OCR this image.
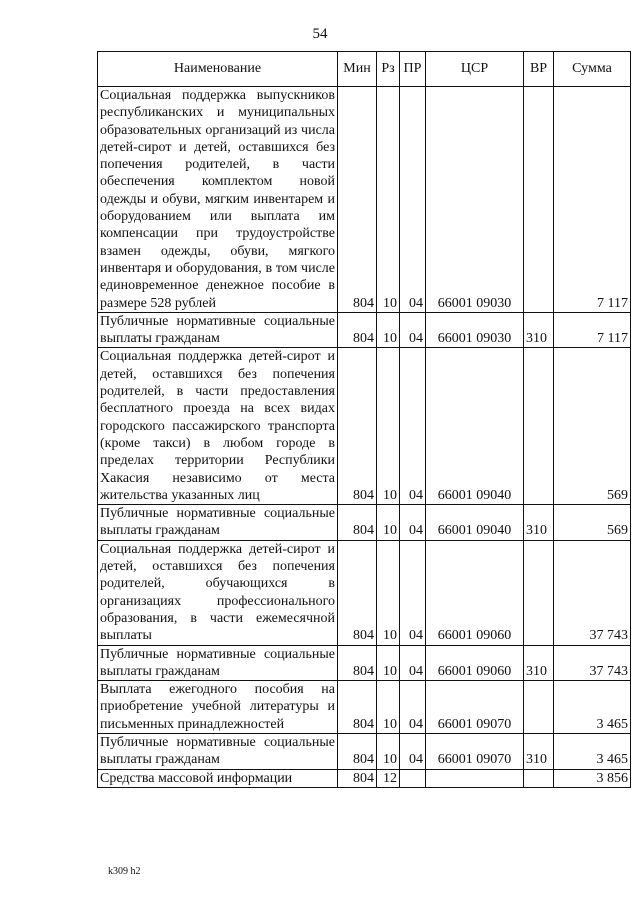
54
Наименование	Мин	Рз	ПР	ЦСР	ВР	Сумма
Социальная поддержка выпускников республиканских и муниципальных образовательных организаций из числа детей-сирот и детей, оставшихся без попечения родителей, в части обеспечения комплектом новой одежды и обуви, мягким инвентарем и оборудованием или выплата им компенсации при трудоустройстве взамен одежды, обуви, мягкого инвентаря и оборудования, в том числе единовременное денежное пособие в размере 528 рублей	804	10	04	66001 09030		7 117
Публичные нормативные социальные выплаты гражданам	804	10	04	66001 09030	310	7 117
Социальная поддержка детей-сирот и детей, оставшихся без попечения родителей, в части предоставления бесплатного проезда на всех видах городского пассажирского транспорта (кроме такси) в любом городе в пределах территории Республики Хакасия независимо от места жительства указанных лиц	804	10	04	66001 09040		569
Публичные нормативные социальные выплаты гражданам	804	10	04	66001 09040	310	569
Социальная поддержка детей-сирот и детей, оставшихся без попечения родителей, обучающихся в организациях профессионального образования, в части ежемесячной выплаты	804	10	04	66001 09060		37 743
Публичные нормативные социальные выплаты гражданам	804	10	04	66001 09060	310	37 743
Выплата ежегодного пособия на приобретение учебной литературы и письменных принадлежностей	804	10	04	66001 09070		3 465
Публичные нормативные социальные выплаты гражданам	804	10	04	66001 09070	310	3 465
Средства массовой информации	804	12				3 856
k309 h2
